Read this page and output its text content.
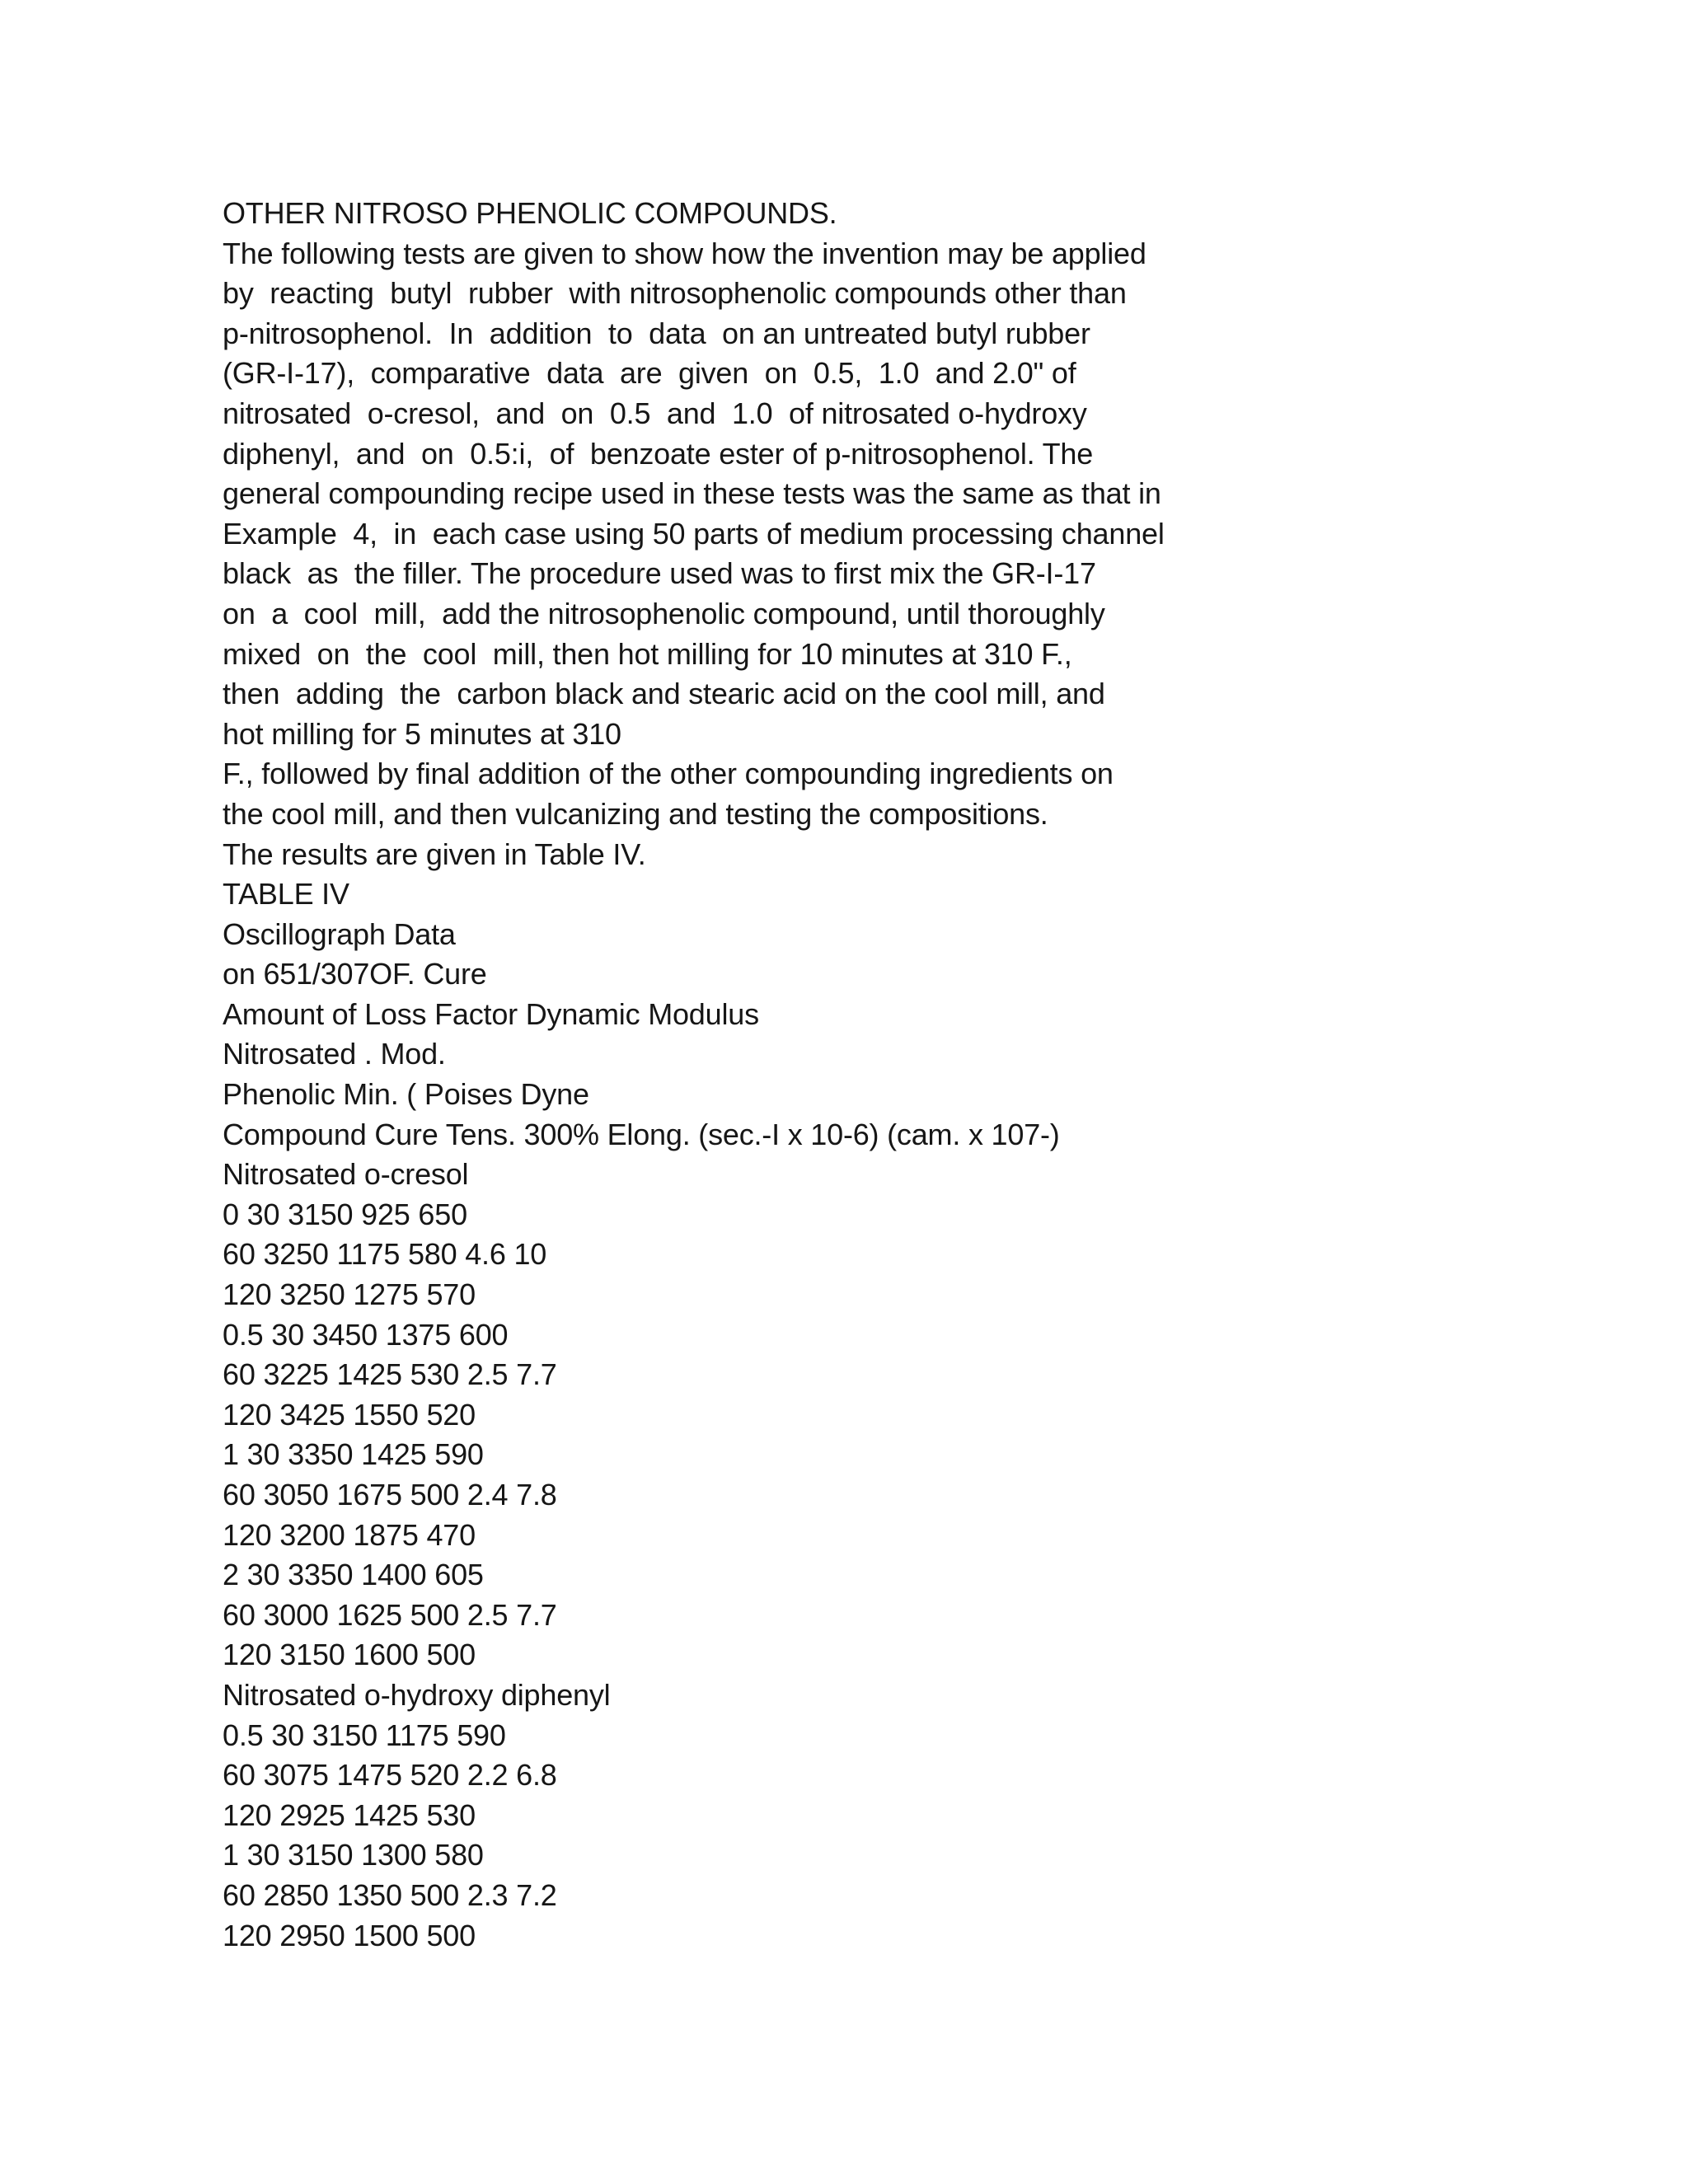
OTHER NITROSO PHENOLIC COMPOUNDS.
The following tests are given to show how the invention may be applied
by  reacting  butyl  rubber  with nitrosophenolic compounds other than
p-nitrosophenol.  In  addition  to  data  on an untreated butyl rubber
(GR-I-17),  comparative  data  are  given  on  0.5,  1.0  and 2.0" of
nitrosated  o-cresol,  and  on  0.5  and  1.0  of nitrosated o-hydroxy
diphenyl,  and  on  0.5:i,  of  benzoate ester of p-nitrosophenol. The
general compounding recipe used in these tests was the same as that in
Example  4,  in  each case using 50 parts of medium processing channel
black  as  the filler. The procedure used was to first mix the GR-I-17
on  a  cool  mill,  add the nitrosophenolic compound, until thoroughly
mixed  on  the  cool  mill, then hot milling for 10 minutes at 310 F.,
then  adding  the  carbon black and stearic acid on the cool mill, and
hot milling for 5 minutes at 310
F., followed by final addition of the other compounding ingredients on
the cool mill, and then vulcanizing and testing the compositions.
The results are given in Table IV.
TABLE IV
Oscillograph Data
on 651/307OF. Cure
Amount of Loss Factor Dynamic Modulus
Nitrosated . Mod.
Phenolic Min. ( Poises Dyne
Compound Cure Tens. 300% Elong. (sec.-I x 10-6) (cam. x 107-)
Nitrosated o-cresol
0 30 3150 925 650
60 3250 1175 580 4.6 10
120 3250 1275 570
0.5 30 3450 1375 600
60 3225 1425 530 2.5 7.7
120 3425 1550 520
1 30 3350 1425 590
60 3050 1675 500 2.4 7.8
120 3200 1875 470
2 30 3350 1400 605
60 3000 1625 500 2.5 7.7
120 3150 1600 500
Nitrosated o-hydroxy diphenyl
0.5 30 3150 1175 590
60 3075 1475 520 2.2 6.8
120 2925 1425 530
1 30 3150 1300 580
60 2850 1350 500 2.3 7.2
120 2950 1500 500
